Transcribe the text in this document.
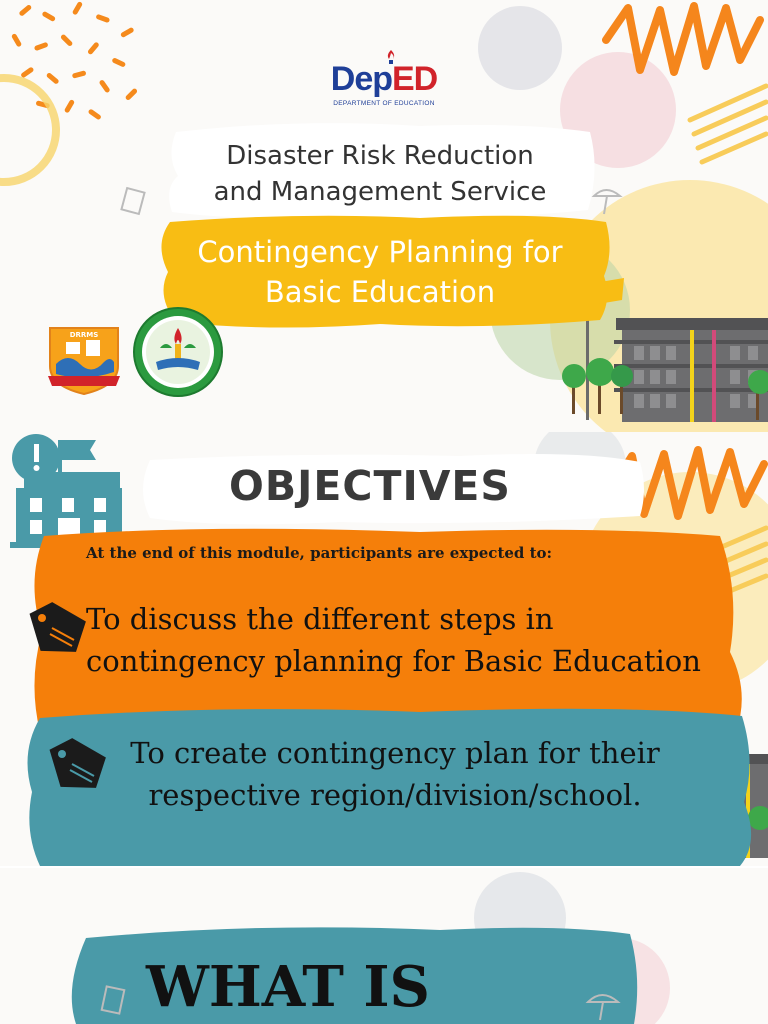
DepED
DEPARTMENT OF EDUCATION
Disaster Risk Reduction
and Management Service
Contingency Planning for
Basic Education
DRRMS
OBJECTIVES
At the end of this module, participants are expected to:
To discuss the different steps in
contingency planning for Basic Education
To create contingency plan for their
respective region/division/school.
WHAT IS
